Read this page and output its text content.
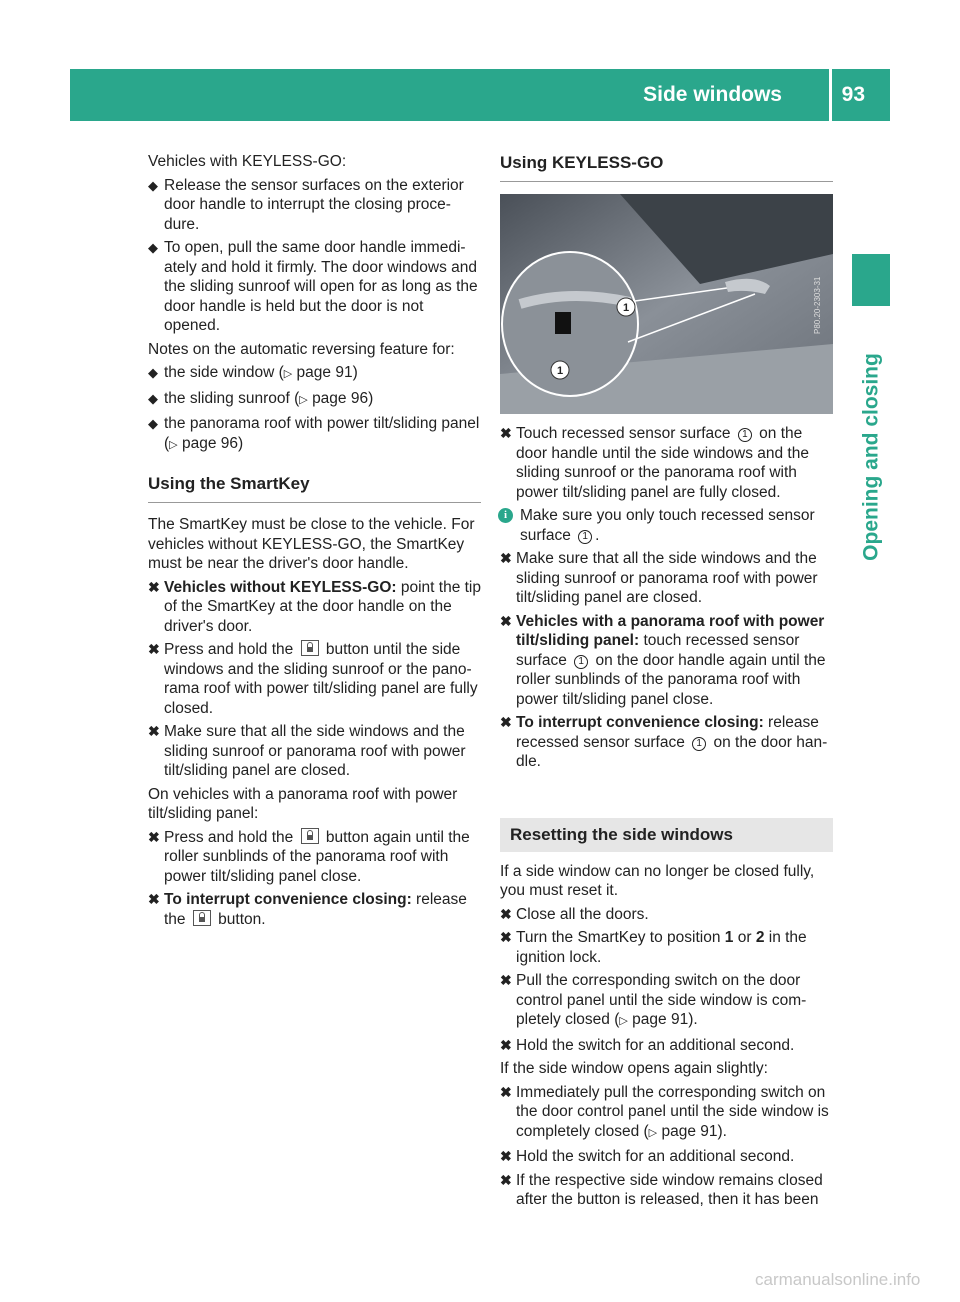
Side windows	93
Opening and closing

Vehicles with KEYLESS-GO:

◆ Release the sensor surfaces on the exterior door handle to interrupt the closing proce-dure.
◆ To open, pull the same door handle immedi-ately and hold it firmly. The door windows and the sliding sunroof will open for as long as the door handle is held but the door is not opened.

Notes on the automatic reversing feature for:

◆ the side window (▷ page 91)
◆ the sliding sunroof (▷ page 96)
◆ the panorama roof with power tilt/sliding panel (▷ page 96)
Using the SmartKey

The SmartKey must be close to the vehicle. For vehicles without KEYLESS-GO, the SmartKey must be near the driver's door handle.

✖ Vehicles without KEYLESS-GO: point the tip of the SmartKey at the door handle on the driver's door.
✖ Press and hold the  button until the side windows and the sliding sunroof or the pano-rama roof with power tilt/sliding panel are fully closed.
✖ Make sure that all the side windows and the sliding sunroof or panorama roof with power tilt/sliding panel are closed.

On vehicles with a panorama roof with power tilt/sliding panel:

✖ Press and hold the  button again until the roller sunblinds of the panorama roof with power tilt/sliding panel close.
✖ To interrupt convenience closing: release the  button.
Using KEYLESS-GO
1
1
P80.20-2303-31
✖ Touch recessed sensor surface 1 on the door handle until the side windows and the sliding sunroof or the panorama roof with power tilt/sliding panel are fully closed.
i Make sure you only touch recessed sensor surface 1 .
✖ Make sure that all the side windows and the sliding sunroof or panorama roof with power tilt/sliding panel are closed.
✖ Vehicles with a panorama roof with power tilt/sliding panel: touch recessed sensor surface 1 on the door handle again until the roller sunblinds of the panorama roof with power tilt/sliding panel close.
✖ To interrupt convenience closing: release recessed sensor surface 1 on the door han-dle.
Resetting the side windows

If a side window can no longer be closed fully, you must reset it.

✖ Close all the doors.
✖ Turn the SmartKey to position 1 or 2 in the ignition lock.
✖ Pull the corresponding switch on the door control panel until the side window is com-pletely closed (▷ page 91).
✖ Hold the switch for an additional second.

If the side window opens again slightly:

✖ Immediately pull the corresponding switch on the door control panel until the side window is completely closed (▷ page 91).
✖ Hold the switch for an additional second.
✖ If the respective side window remains closed after the button is released, then it has been
carmanualsonline.info
